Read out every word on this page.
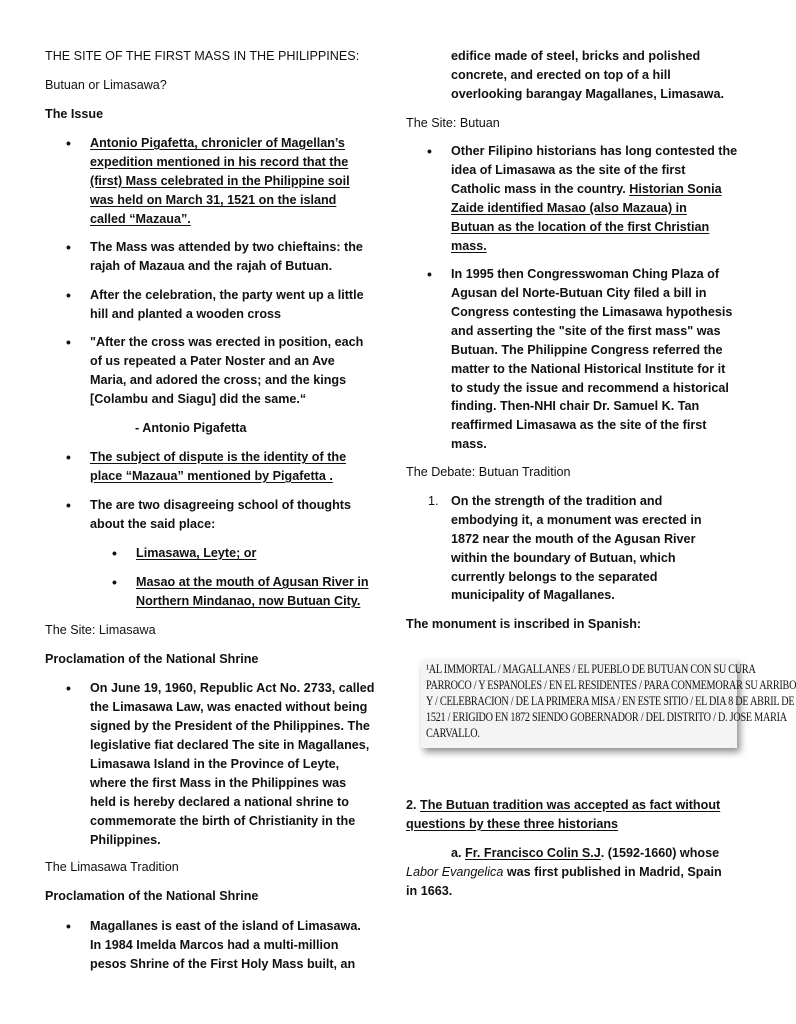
THE SITE OF THE FIRST MASS IN THE PHILIPPINES:
Butuan or Limasawa?
The Issue
• Antonio Pigafetta, chronicler of Magellan’s
expedition mentioned in his record that the
(first) Mass celebrated in the Philippine soil
was held on March 31, 1521 on the island
called “Mazaua”.
• The Mass was attended by two chieftains: the
rajah of Mazaua and the rajah of Butuan.
• After the celebration, the party went up a little
hill and planted a wooden cross
• "After the cross was erected in position, each
of us repeated a Pater Noster and an Ave
Maria, and adored the cross; and the kings
[Colambu and Siagu] did the same.“
- Antonio Pigafetta
• The subject of dispute is the identity of the
place “Mazaua” mentioned by Pigafetta .
• The are two disagreeing school of thoughts
about the said place:
• Limasawa, Leyte; or
• Masao at the mouth of Agusan River in
Northern Mindanao, now Butuan City.
The Site: Limasawa
Proclamation of the National Shrine
• On June 19, 1960, Republic Act No. 2733, called
the Limasawa Law, was enacted without being
signed by the President of the Philippines. The
legislative fiat declared The site in Magallanes,
Limasawa Island in the Province of Leyte,
where the first Mass in the Philippines was
held is hereby declared a national shrine to
commemorate the birth of Christianity in the
Philippines.
The Limasawa Tradition
Proclamation of the National Shrine
• Magallanes is east of the island of Limasawa.
In 1984 Imelda Marcos had a multi-million
pesos Shrine of the First Holy Mass built, an
edifice made of steel, bricks and polished
concrete, and erected on top of a hill
overlooking barangay Magallanes, Limasawa.
The Site: Butuan
• Other Filipino historians has long contested the
idea of Limasawa as the site of the first
Catholic mass in the country. Historian Sonia
Zaide identified Masao (also Mazaua) in
Butuan as the location of the first Christian
mass.
• In 1995 then Congresswoman Ching Plaza of
Agusan del Norte-Butuan City filed a bill in
Congress contesting the Limasawa hypothesis
and asserting the "site of the first mass" was
Butuan. The Philippine Congress referred the
matter to the National Historical Institute for it
to study the issue and recommend a historical
finding. Then-NHI chair Dr. Samuel K. Tan
reaffirmed Limasawa as the site of the first
mass.
The Debate: Butuan Tradition
1. On the strength of the tradition and
embodying it, a monument was erected in
1872 near the mouth of the Agusan River
within the boundary of Butuan, which
currently belongs to the separated
municipality of Magallanes.
The monument is inscribed in Spanish:
¹AL IMMORTAL / MAGALLANES / EL PUEBLO DE BUTUAN CON SU CURA
PARROCO / Y ESPANOLES / EN EL RESIDENTES / PARA CONMEMORAR SU ARRIBO
Y / CELEBRACION / DE LA PRIMERA MISA / EN ESTE SITIO / EL DIA 8 DE ABRIL DE
1521 / ERIGIDO EN 1872 SIENDO GOBERNADOR / DEL DISTRITO / D. JOSE MARIA
CARVALLO.
2. The Butuan tradition was accepted as fact without
questions by these three historians
a. Fr. Francisco Colin S.J. (1592-1660) whose
Labor Evangelica was first published in Madrid, Spain
in 1663.
